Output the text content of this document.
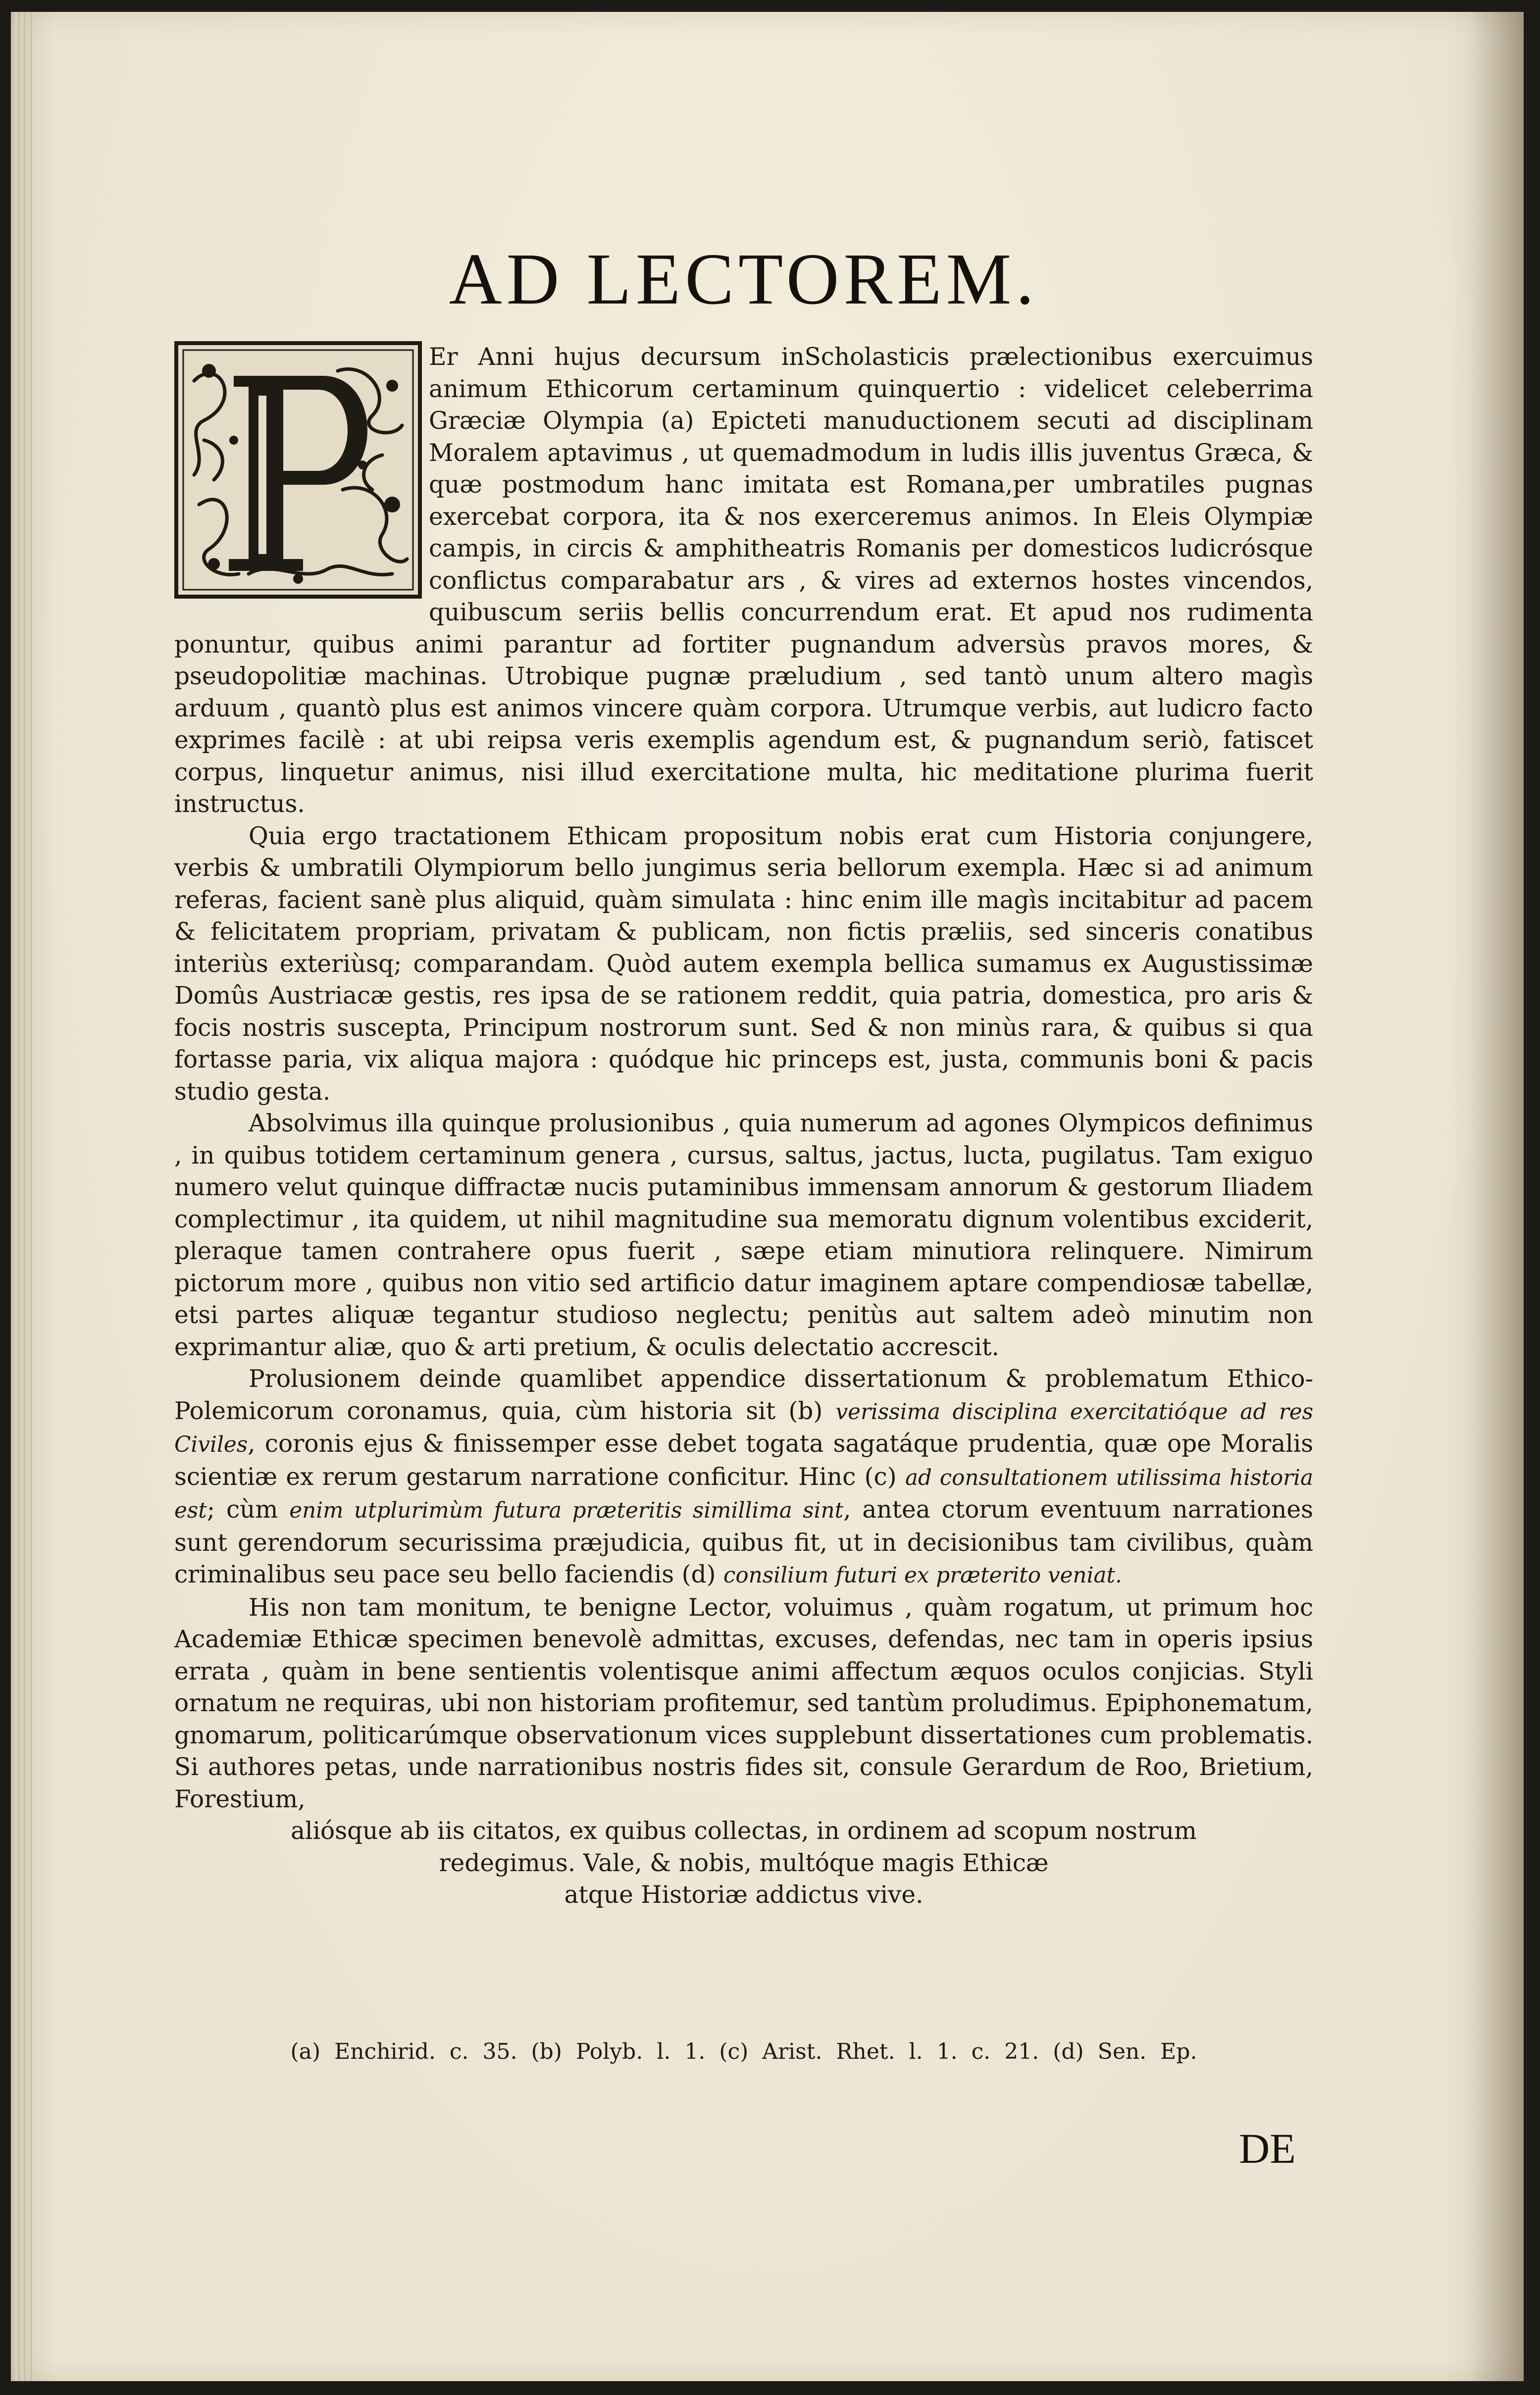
AD LECTOREM.

Er Anni hujus decursum inScholasticis prælectionibus exercuimus animum Ethicorum certaminum quinquertio : videlicet celeberrima Græciæ Olympia (a) Epicteti manuductionem secuti ad disciplinam Moralem aptavimus , ut quemadmodum in ludis illis juventus Græca, & quæ postmodum hanc imitata est Romana,per umbratiles pugnas exercebat corpora, ita & nos exerceremus animos. In Eleis Olympiæ campis, in circis & amphitheatris Romanis per domesticos ludicrósque conflictus comparabatur ars , & vires ad externos hostes vincendos, quibuscum seriis bellis concurrendum erat. Et apud nos rudimenta ponuntur, quibus animi parantur ad fortiter pugnandum adversùs pravos mores, & pseudopolitiæ machinas. Utrobique pugnæ præludium , sed tantò unum altero magìs arduum , quantò plus est animos vincere quàm corpora. Utrumque verbis, aut ludicro facto exprimes facilè : at ubi reipsa veris exemplis agendum est, & pugnandum seriò, fatiscet corpus, linquetur animus, nisi illud exercitatione multa, hic meditatione plurima fuerit instructus.

Quia ergo tractationem Ethicam propositum nobis erat cum Historia conjungere, verbis & umbratili Olympiorum bello jungimus seria bellorum exempla. Hæc si ad animum referas, facient sanè plus aliquid, quàm simulata : hinc enim ille magìs incitabitur ad pacem & felicitatem propriam, privatam & publicam, non fictis præliis, sed sinceris conatibus interiùs exteriùsq; comparandam. Quòd autem exempla bellica sumamus ex Augustissimæ Domûs Austriacæ gestis, res ipsa de se rationem reddit, quia patria, domestica, pro aris & focis nostris suscepta, Principum nostrorum sunt. Sed & non minùs rara, & quibus si qua fortasse paria, vix aliqua majora : quódque hic princeps est, justa, communis boni & pacis studio gesta.

Absolvimus illa quinque prolusionibus , quia numerum ad agones Olympicos definimus , in quibus totidem certaminum genera , cursus, saltus, jactus, lucta, pugilatus. Tam exiguo numero velut quinque diffractæ nucis putaminibus immensam annorum & gestorum Iliadem complectimur , ita quidem, ut nihil magnitudine sua memoratu dignum volentibus exciderit, pleraque tamen contrahere opus fuerit , sæpe etiam minutiora relinquere. Nimirum pictorum more , quibus non vitio sed artificio datur imaginem aptare compendiosæ tabellæ, etsi partes aliquæ tegantur studioso neglectu; penitùs aut saltem adeò minutim non exprimantur aliæ, quo & arti pretium, & oculis delectatio accrescit.

Prolusionem deinde quamlibet appendice dissertationum & problematum Ethico-Polemicorum coronamus, quia, cùm historia sit (b) verissima disciplina exercitatióque ad res Civiles, coronis ejus & finissemper esse debet togata sagatáque prudentia, quæ ope Moralis scientiæ ex rerum gestarum narratione conficitur. Hinc (c) ad consultationem utilissima historia est; cùm enim utplurimùm futura præteritis simillima sint, antea ctorum eventuum narrationes sunt gerendorum securissima præjudicia, quibus fit, ut in decisionibus tam civilibus, quàm criminalibus seu pace seu bello faciendis (d) consilium futuri ex præterito veniat.

His non tam monitum, te benigne Lector, voluimus , quàm rogatum, ut primum hoc Academiæ Ethicæ specimen benevolè admittas, excuses, defendas, nec tam in operis ipsius errata , quàm in bene sentientis volentisque animi affectum æquos oculos conjicias. Styli ornatum ne requiras, ubi non historiam profitemur, sed tantùm proludimus. Epiphonematum, gnomarum, politicarúmque observationum vices supplebunt dissertationes cum problematis. Si authores petas, unde narrationibus nostris fides sit, consule Gerardum de Roo, Brietium, Forestium,

aliósque ab iis citatos, ex quibus collectas, in ordinem ad scopum nostrum

redegimus. Vale, & nobis, multóque magis Ethicæ

atque Historiæ addictus vive.

(a) Enchirid. c. 35. (b) Polyb. l. 1. (c) Arist. Rhet. l. 1. c. 21. (d) Sen. Ep.
DE
